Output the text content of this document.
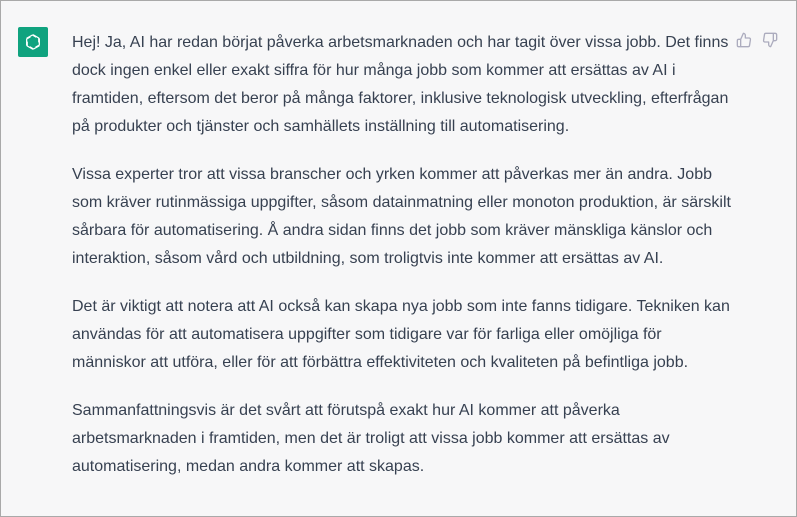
Hej! Ja, AI har redan börjat påverka arbetsmarknaden och har tagit över vissa jobb. Det finns dock ingen enkel eller exakt siffra för hur många jobb som kommer att ersättas av AI i framtiden, eftersom det beror på många faktorer, inklusive teknologisk utveckling, efterfrågan på produkter och tjänster och samhällets inställning till automatisering.

Vissa experter tror att vissa branscher och yrken kommer att påverkas mer än andra. Jobb som kräver rutinmässiga uppgifter, såsom datainmatning eller monoton produktion, är särskilt sårbara för automatisering. Å andra sidan finns det jobb som kräver mänskliga känslor och interaktion, såsom vård och utbildning, som troligtvis inte kommer att ersättas av AI.

Det är viktigt att notera att AI också kan skapa nya jobb som inte fanns tidigare. Tekniken kan användas för att automatisera uppgifter som tidigare var för farliga eller omöjliga för människor att utföra, eller för att förbättra effektiviteten och kvaliteten på befintliga jobb.

Sammanfattningsvis är det svårt att förutspå exakt hur AI kommer att påverka arbetsmarknaden i framtiden, men det är troligt att vissa jobb kommer att ersättas av automatisering, medan andra kommer att skapas.
